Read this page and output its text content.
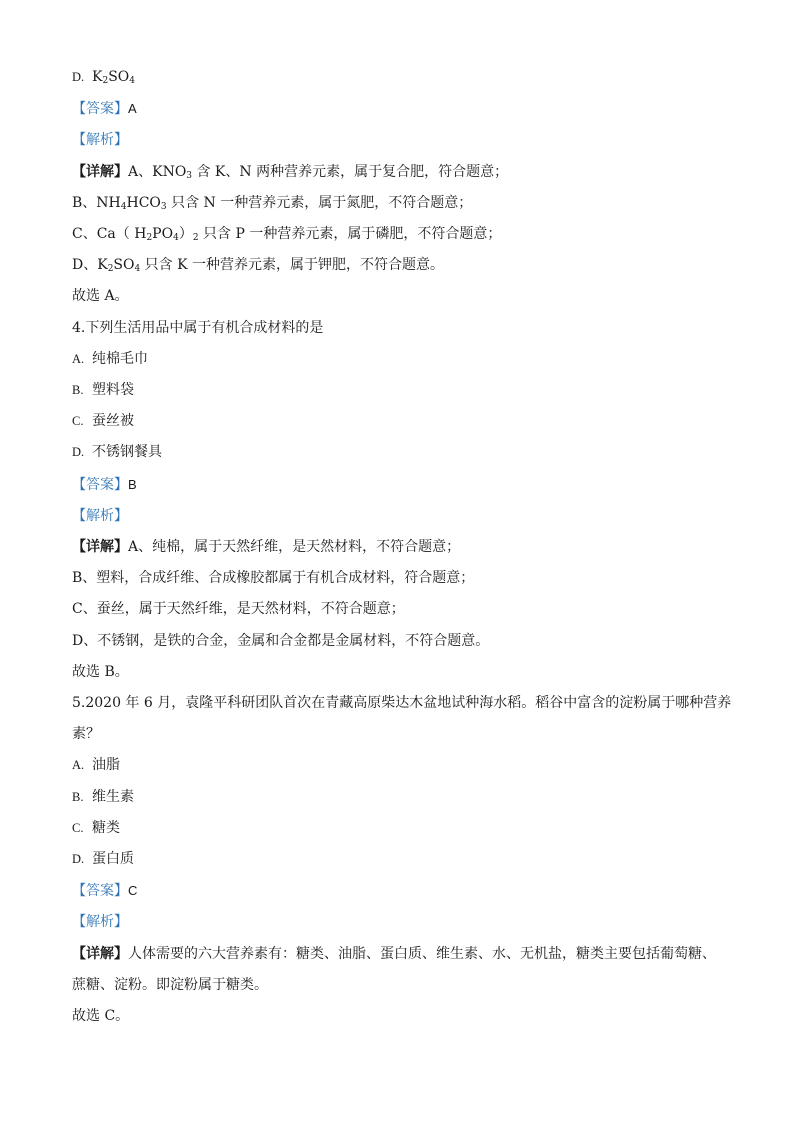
D. $K_2SO_4$
【答案】A
【解析】
【详解】A、$KNO_3$ 含 K、N 两种营养元素，属于复合肥，符合题意；
B、$NH_4HCO_3$ 只含 N 一种营养元素，属于氮肥，不符合题意；
C、Ca（ $H_2PO_4)_2$ 只含 P 一种营养元素，属于磷肥，不符合题意；
D、$K_2SO_4$ 只含 K 一种营养元素，属于钾肥，不符合题意。
故选 A。
4.下列生活用品中属于有机合成材料的是
A. 纯棉毛巾
B. 塑料袋
C. 蚕丝被
D. 不锈钢餐具
【答案】B
【解析】
【详解】A、纯棉，属于天然纤维，是天然材料，不符合题意；
B、塑料，合成纤维、合成橡胶都属于有机合成材料，符合题意；
C、蚕丝，属于天然纤维，是天然材料，不符合题意；
D、不锈钢，是铁的合金，金属和合金都是金属材料，不符合题意。
故选 B。
5.2020 年 6 月，袁隆平科研团队首次在青藏高原柴达木盆地试种海水稻。稻谷中富含的淀粉属于哪种营养
素？
A. 油脂
B. 维生素
C. 糖类
D. 蛋白质
【答案】C
【解析】
【详解】人体需要的六大营养素有：糖类、油脂、蛋白质、维生素、水、无机盐，糖类主要包括葡萄糖、
蔗糖、淀粉。即淀粉属于糖类。
故选 C。
